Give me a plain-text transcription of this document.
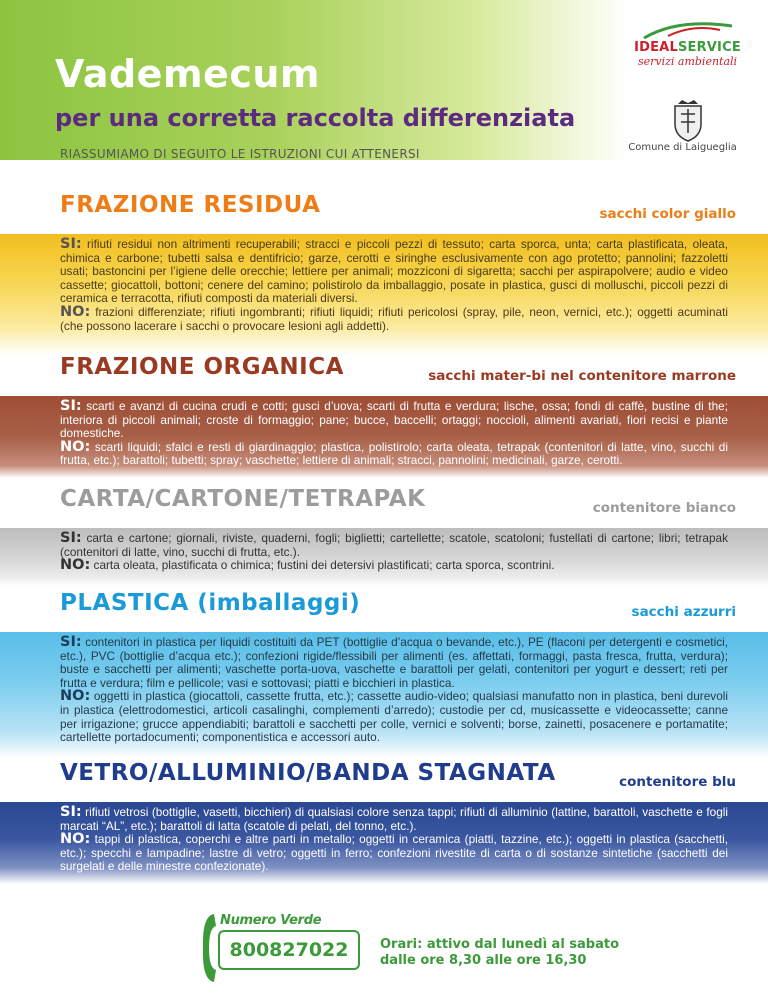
Vademecum
per una corretta raccolta differenziata
RIASSUMIAMO DI SEGUITO LE ISTRUZIONI CUI ATTENERSI
IDEALSERVICE
servizi ambientali
Comune di Laigueglia
FRAZIONE RESIDUA	sacchi color giallo
SI: rifiuti residui non altrimenti recuperabili; stracci e piccoli pezzi di tessuto; carta sporca, unta; carta plastificata, oleata, chimica e carbone; tubetti salsa e dentifricio; garze, cerotti e siringhe esclusivamente con ago protetto; pannolini; fazzoletti usati; bastoncini per l’igiene delle orecchie; lettiere per animali; mozziconi di sigaretta; sacchi per aspirapolvere; audio e video cassette; giocattoli, bottoni; cenere del camino; polistirolo da imballaggio, posate in plastica, gusci di molluschi, piccoli pezzi di ceramica e terracotta, rifiuti composti da materiali diversi.
NO: frazioni differenziate; rifiuti ingombranti; rifiuti liquidi; rifiuti pericolosi (spray, pile, neon, vernici, etc.); oggetti acuminati (che possono lacerare i sacchi o provocare lesioni agli addetti).
FRAZIONE ORGANICA	sacchi mater-bi nel contenitore marrone
SI: scarti e avanzi di cucina crudi e cotti; gusci d’uova; scarti di frutta e verdura; lische, ossa; fondi di caffè, bustine di the; interiora di piccoli animali; croste di formaggio; pane; bucce, baccelli; ortaggi; noccioli, alimenti avariati, fiori recisi e piante domestiche.
NO: scarti liquidi; sfalci e resti di giardinaggio; plastica, polistirolo; carta oleata, tetrapak (contenitori di latte, vino, succhi di frutta, etc.); barattoli; tubetti; spray; vaschette; lettiere di animali; stracci, pannolini; medicinali, garze, cerotti.
CARTA/CARTONE/TETRAPAK	contenitore bianco
SI: carta e cartone; giornali, riviste, quaderni, fogli; biglietti; cartellette; scatole, scatoloni; fustellati di cartone; libri; tetrapak (contenitori di latte, vino, succhi di frutta, etc.).
NO: carta oleata, plastificata o chimica; fustini dei detersivi plastificati; carta sporca, scontrini.
PLASTICA (imballaggi)	sacchi azzurri
SI: contenitori in plastica per liquidi costituiti da PET (bottiglie d’acqua o bevande, etc.), PE (flaconi per detergenti e cosmetici, etc.), PVC (bottiglie d’acqua etc.); confezioni rigide/flessibili per alimenti (es. affettati, formaggi, pasta fresca, frutta, verdura); buste e sacchetti per alimenti; vaschette porta-uova, vaschette e barattoli per gelati, contenitori per yogurt e dessert; reti per frutta e verdura; film e pellicole; vasi e sottovasi; piatti e bicchieri in plastica.
NO: oggetti in plastica (giocattoli, cassette frutta, etc.); cassette audio-video; qualsiasi manufatto non in plastica, beni durevoli in plastica (elettrodomestici, articoli casalinghi, complementi d’arredo); custodie per cd, musicassette e videocassette; canne per irrigazione; grucce appendiabiti; barattoli e sacchetti per colle, vernici e solventi; borse, zainetti, posacenere e portamatite; cartellette portadocumenti; componentistica e accessori auto.
VETRO/ALLUMINIO/BANDA STAGNATA	contenitore blu
SI: rifiuti vetrosi (bottiglie, vasetti, bicchieri) di qualsiasi colore senza tappi; rifiuti di alluminio (lattine, barattoli, vaschette e fogli marcati “AL”, etc.); barattoli di latta (scatole di pelati, del tonno, etc.).
NO: tappi di plastica, coperchi e altre parti in metallo; oggetti in ceramica (piatti, tazzine, etc.); oggetti in plastica (sacchetti, etc.); specchi e lampadine; lastre di vetro; oggetti in ferro; confezioni rivestite di carta o di sostanze sintetiche (sacchetti dei surgelati e delle minestre confezionate).
Numero Verde
800827022	Orari: attivo dal lunedì al sabato
dalle ore 8,30 alle ore 16,30
